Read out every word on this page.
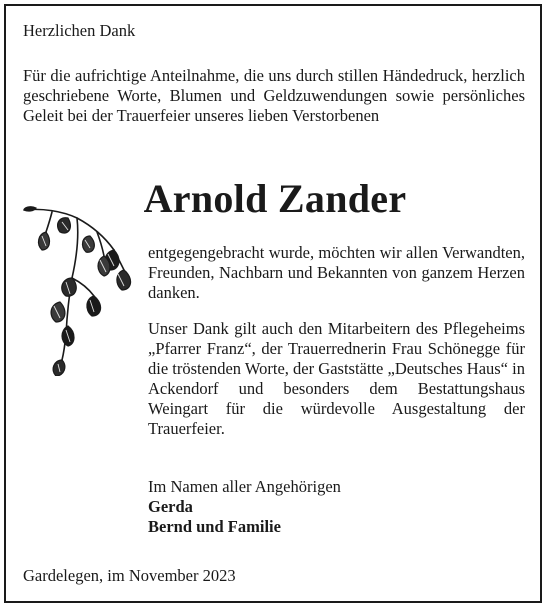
Herzlichen Dank
Für die aufrichtige Anteilnahme, die uns durch stillen Händedruck, herzlich geschriebene Worte, Blumen und Geldzuwendungen sowie persönliches Geleit bei der Trauerfeier unseres lieben Verstorbenen
Arnold Zander
entgegengebracht wurde, möchten wir allen Verwandten, Freunden, Nachbarn und Bekannten von ganzem Herzen danken.
Unser Dank gilt auch den Mitarbeitern des Pflegeheims „Pfarrer Franz“, der Trauerrednerin Frau Schönegge für die tröstenden Worte, der Gaststätte „Deutsches Haus“ in Ackendorf und besonders dem Bestattungshaus Weingart für die würdevolle Ausgestaltung der Trauerfeier.
Im Namen aller Angehörigen
Gerda
Bernd und Familie
Gardelegen, im November 2023
